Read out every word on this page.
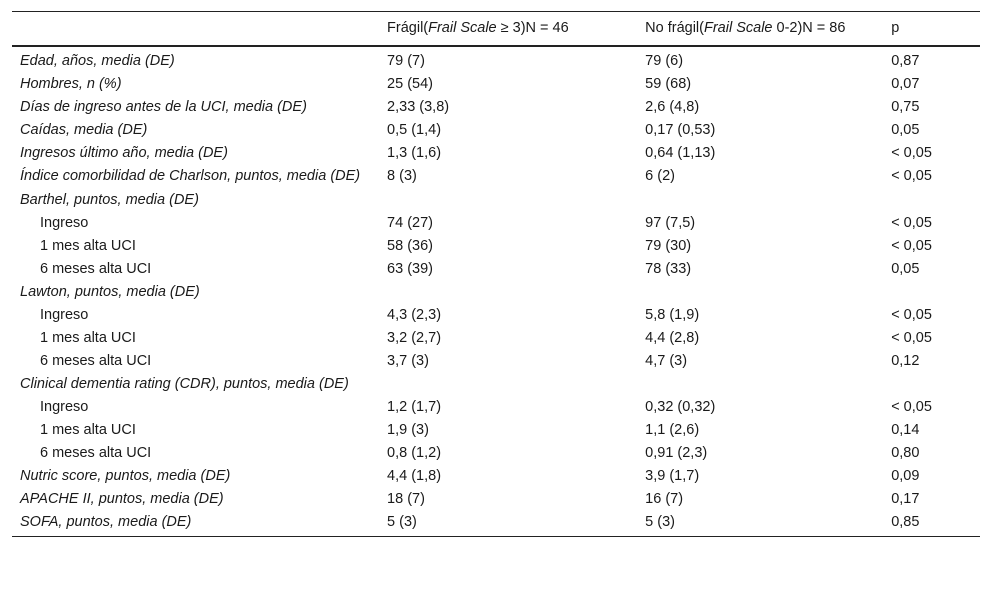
	Frágil(Frail Scale ≥ 3)N = 46	No frágil(Frail Scale 0-2)N = 86	p
Edad, años, media (DE)	79 (7)	79 (6)	0,87
Hombres, n (%)	25 (54)	59 (68)	0,07
Días de ingreso antes de la UCI, media (DE)	2,33 (3,8)	2,6 (4,8)	0,75
Caídas, media (DE)	0,5 (1,4)	0,17 (0,53)	0,05
Ingresos último año, media (DE)	1,3 (1,6)	0,64 (1,13)	< 0,05
Índice comorbilidad de Charlson, puntos, media (DE)	8 (3)	6 (2)	< 0,05
Barthel, puntos, media (DE)			
Ingreso	74 (27)	97 (7,5)	< 0,05
1 mes alta UCI	58 (36)	79 (30)	< 0,05
6 meses alta UCI	63 (39)	78 (33)	0,05
Lawton, puntos, media (DE)			
Ingreso	4,3 (2,3)	5,8 (1,9)	< 0,05
1 mes alta UCI	3,2 (2,7)	4,4 (2,8)	< 0,05
6 meses alta UCI	3,7 (3)	4,7 (3)	0,12
Clinical dementia rating (CDR), puntos, media (DE)			
Ingreso	1,2 (1,7)	0,32 (0,32)	< 0,05
1 mes alta UCI	1,9 (3)	1,1 (2,6)	0,14
6 meses alta UCI	0,8 (1,2)	0,91 (2,3)	0,80
Nutric score, puntos, media (DE)	4,4 (1,8)	3,9 (1,7)	0,09
APACHE II, puntos, media (DE)	18 (7)	16 (7)	0,17
SOFA, puntos, media (DE)	5 (3)	5 (3)	0,85
